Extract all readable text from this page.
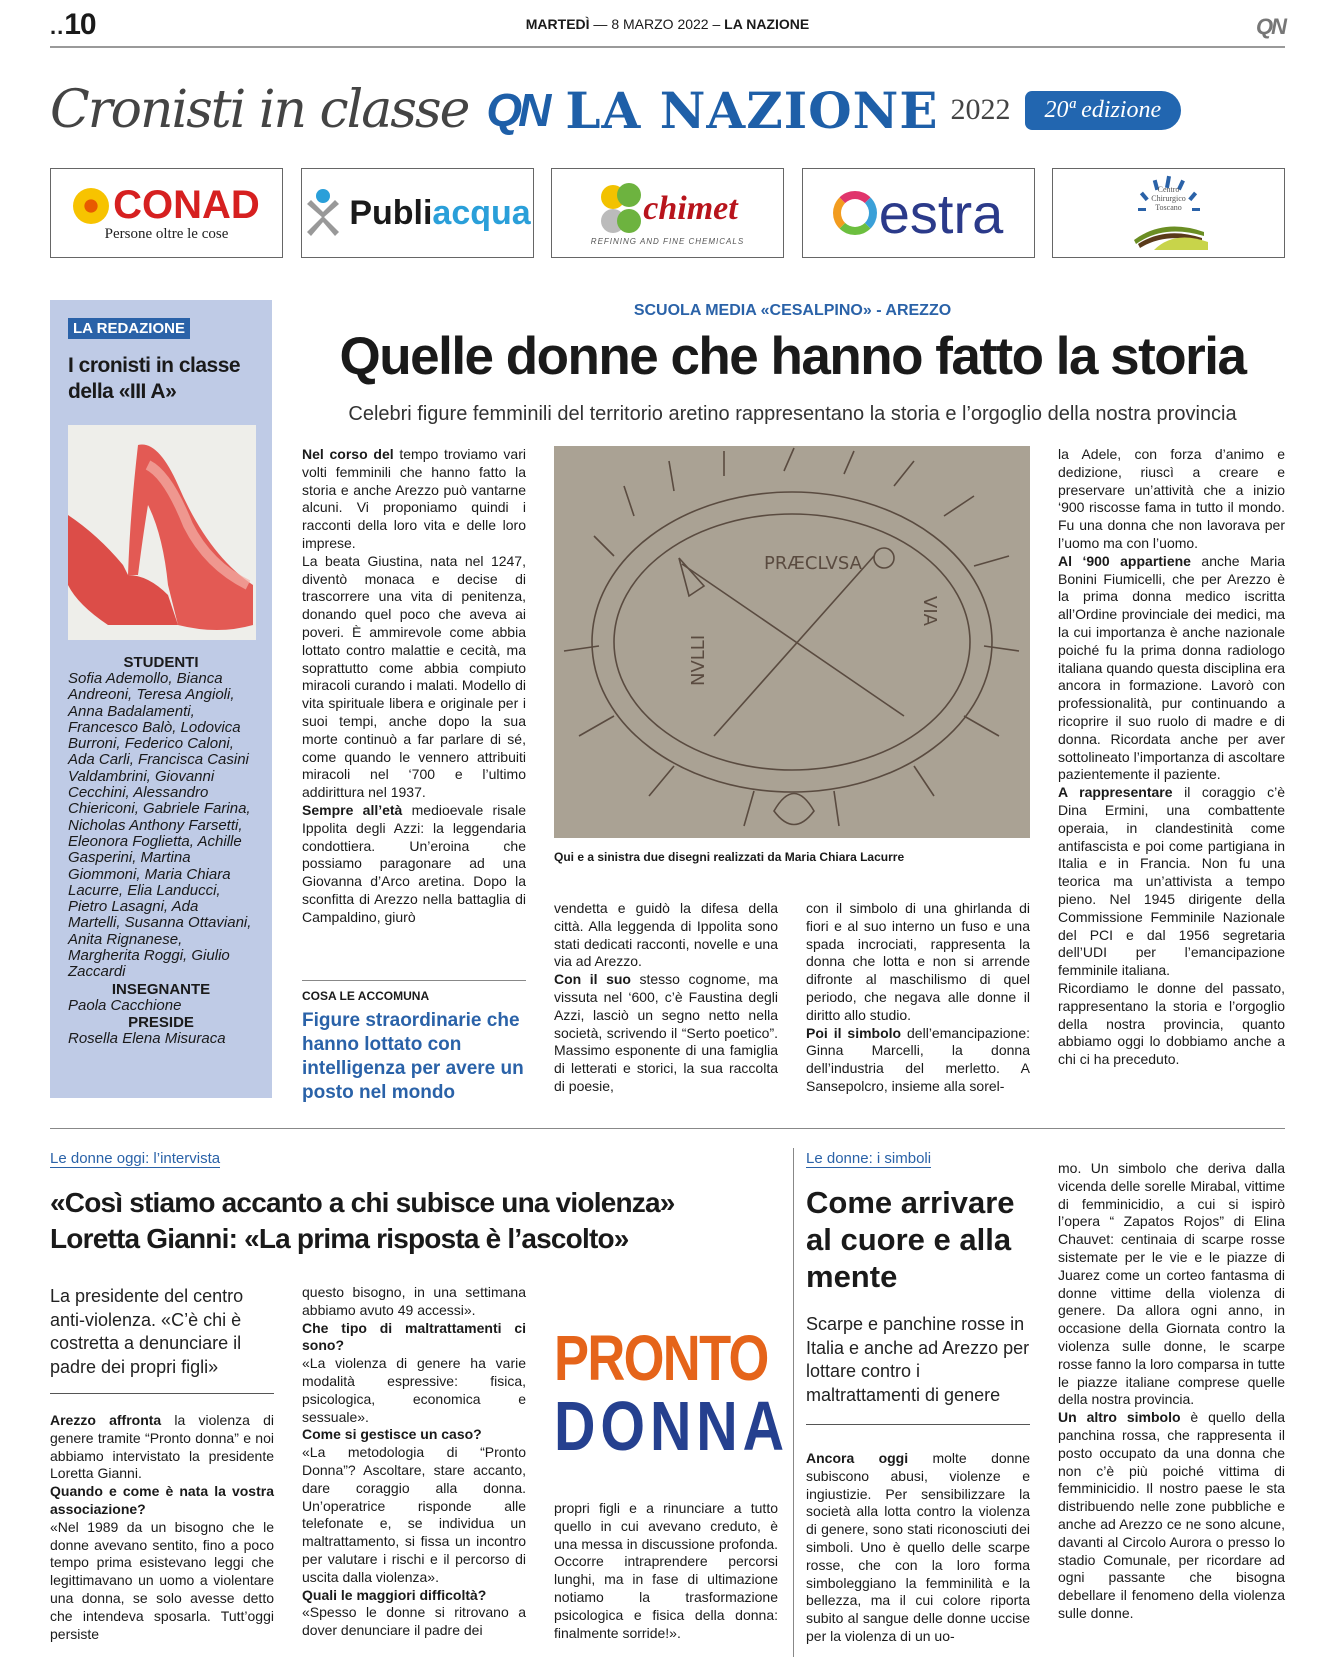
..10	MARTEDÌ — 8 MARZO 2022 – LA NAZIONE	QN
Cronisti in classe QN LA NAZIONE 2022	20ª edizione
CONAD
Persone oltre le cose
Publi acqua	chimet
REFINING AND FINE CHEMICALS estra	Centro Chirurgico Toscano
LA REDAZIONE
I cronisti in classe della «III A»
STUDENTI
Sofia Ademollo, Bianca Andreoni, Teresa Angioli, Anna Badalamenti, Francesco Balò, Lodovica Burroni, Federico Caloni, Ada Carli, Francisca Casini Valdambrini, Giovanni Cecchini, Alessandro Chiericoni, Gabriele Farina, Nicholas Anthony Farsetti, Eleonora Foglietta, Achille Gasperini, Martina Giommoni, Maria Chiara Lacurre, Elia Landucci, Pietro Lasagni, Ada Martelli, Susanna Ottaviani, Anita Rignanese, Margherita Roggi, Giulio Zaccardi
INSEGNANTE
Paola Cacchione
PRESIDE
Rosella Elena Misuraca
SCUOLA MEDIA «CESALPINO» - AREZZO
Quelle donne che hanno fatto la storia
Celebri figure femminili del territorio aretino rappresentano la storia e l’orgoglio della nostra provincia

Nel corso del tempo troviamo vari volti femminili che hanno fatto la storia e anche Arezzo può vantarne alcuni. Vi proponiamo quindi i racconti della loro vita e delle loro imprese.

La beata Giustina, nata nel 1247, diventò monaca e decise di trascorrere una vita di penitenza, donando quel poco che aveva ai poveri. È ammirevole come abbia lottato contro malattie e cecità, ma soprattutto come abbia compiuto miracoli curando i malati. Modello di vita spirituale libera e originale per i suoi tempi, anche dopo la sua morte continuò a far parlare di sé, come quando le vennero attribuiti miracoli nel ‘700 e l’ultimo addirittura nel 1937.

Sempre all’età medioevale risale Ippolita degli Azzi: la leggendaria condottiera. Un’eroina che possiamo paragonare ad una Giovanna d’Arco aretina. Dopo la sconfitta di Arezzo nella battaglia di Campaldino, giurò

COSA LE ACCOMUNA
Figure straordinarie che hanno lottato con intelligenza per avere un posto nel mondo
PRÆCLVSA
NVLLI
VIA
Qui e a sinistra due disegni realizzati da Maria Chiara Lacurre

vendetta e guidò la difesa della città. Alla leggenda di Ippolita sono stati dedicati racconti, novelle e una via ad Arezzo.

Con il suo stesso cognome, ma vissuta nel ‘600, c’è Faustina degli Azzi, lasciò un segno netto nella società, scrivendo il “Serto poetico”. Massimo esponente di una famiglia di letterati e storici, la sua raccolta di poesie,

con il simbolo di una ghirlanda di fiori e al suo interno un fuso e una spada incrociati, rappresenta la donna che lotta e non si arrende difronte al maschilismo di quel periodo, che negava alle donne il diritto allo studio.

Poi il simbolo dell’emancipazione: Ginna Marcelli, la donna dell’industria del merletto. A Sansepolcro, insieme alla sorel-

la Adele, con forza d’animo e dedizione, riuscì a creare e preservare un’attività che a inizio ‘900 riscosse fama in tutto il mondo. Fu una donna che non lavorava per l’uomo ma con l’uomo.

Al ‘900 appartiene anche Maria Bonini Fiumicelli, che per Arezzo è la prima donna medico iscritta all’Ordine provinciale dei medici, ma la cui importanza è anche nazionale poiché fu la prima donna radiologo italiana quando questa disciplina era ancora in formazione. Lavorò con professionalità, pur continuando a ricoprire il suo ruolo di madre e di donna. Ricordata anche per aver sottolineato l’importanza di ascoltare pazientemente il paziente.

A rappresentare il coraggio c’è Dina Ermini, una combattente operaia, in clandestinità come antifascista e poi come partigiana in Italia e in Francia. Non fu una teorica ma un’attivista a tempo pieno. Nel 1945 dirigente della Commissione Femminile Nazionale del PCI e dal 1956 segretaria dell’UDI per l’emancipazione femminile italiana.

Ricordiamo le donne del passato, rappresentano la storia e l’orgoglio della nostra provincia, quanto abbiamo oggi lo dobbiamo anche a chi ci ha preceduto.

Le donne oggi: l’intervista
«Così stiamo accanto a chi subisce una violenza»
Loretta Gianni: «La prima risposta è l’ascolto»
La presidente del centro anti-violenza. «C’è chi è costretta a denunciare il padre dei propri figli»

Arezzo affronta la violenza di genere tramite “Pronto donna” e noi abbiamo intervistato la presidente Loretta Gianni.

Quando e come è nata la vostra associazione?

«Nel 1989 da un bisogno che le donne avevano sentito, fino a poco tempo prima esistevano leggi che legittimavano un uomo a violentare una donna, se solo avesse detto che intendeva sposarla. Tutt’oggi persiste

questo bisogno, in una settimana abbiamo avuto 49 accessi».

Che tipo di maltrattamenti ci sono?

«La violenza di genere ha varie modalità espressive: fisica, psicologica, economica e sessuale».

Come si gestisce un caso?

«La metodologia di “Pronto Donna”? Ascoltare, stare accanto, dare coraggio alla donna. Un’operatrice risponde alle telefonate e, se individua un maltrattamento, si fissa un incontro per valutare i rischi e il percorso di uscita dalla violenza».

Quali le maggiori difficoltà?

«Spesso le donne si ritrovano a dover denunciare il padre dei

PRONTO
DONNA

propri figli e a rinunciare a tutto quello in cui avevano creduto, è una messa in discussione profonda. Occorre intraprendere percorsi lunghi, ma in fase di ultimazione notiamo la trasformazione psicologica e fisica della donna: finalmente sorride!».

Le donne: i simboli
Come arrivare al cuore e alla mente
Scarpe e panchine rosse in Italia e anche ad Arezzo per lottare contro i maltrattamenti di genere

Ancora oggi molte donne subiscono abusi, violenze e ingiustizie. Per sensibilizzare la società alla lotta contro la violenza di genere, sono stati riconosciuti dei simboli. Uno è quello delle scarpe rosse, che con la loro forma simboleggiano la femminilità e la bellezza, ma il cui colore riporta subito al sangue delle donne uccise per la violenza di un uo-

mo. Un simbolo che deriva dalla vicenda delle sorelle Mirabal, vittime di femminicidio, a cui si ispirò l’opera “ Zapatos Rojos” di Elina Chauvet: centinaia di scarpe rosse sistemate per le vie e le piazze di Juarez come un corteo fantasma di donne vittime della violenza di genere. Da allora ogni anno, in occasione della Giornata contro la violenza sulle donne, le scarpe rosse fanno la loro comparsa in tutte le piazze italiane comprese quelle della nostra provincia.

Un altro simbolo è quello della panchina rossa, che rappresenta il posto occupato da una donna che non c’è più poiché vittima di femminicidio. Il nostro paese le sta distribuendo nelle zone pubbliche e anche ad Arezzo ce ne sono alcune, davanti al Circolo Aurora o presso lo stadio Comunale, per ricordare ad ogni passante che bisogna debellare il fenomeno della violenza sulle donne.
